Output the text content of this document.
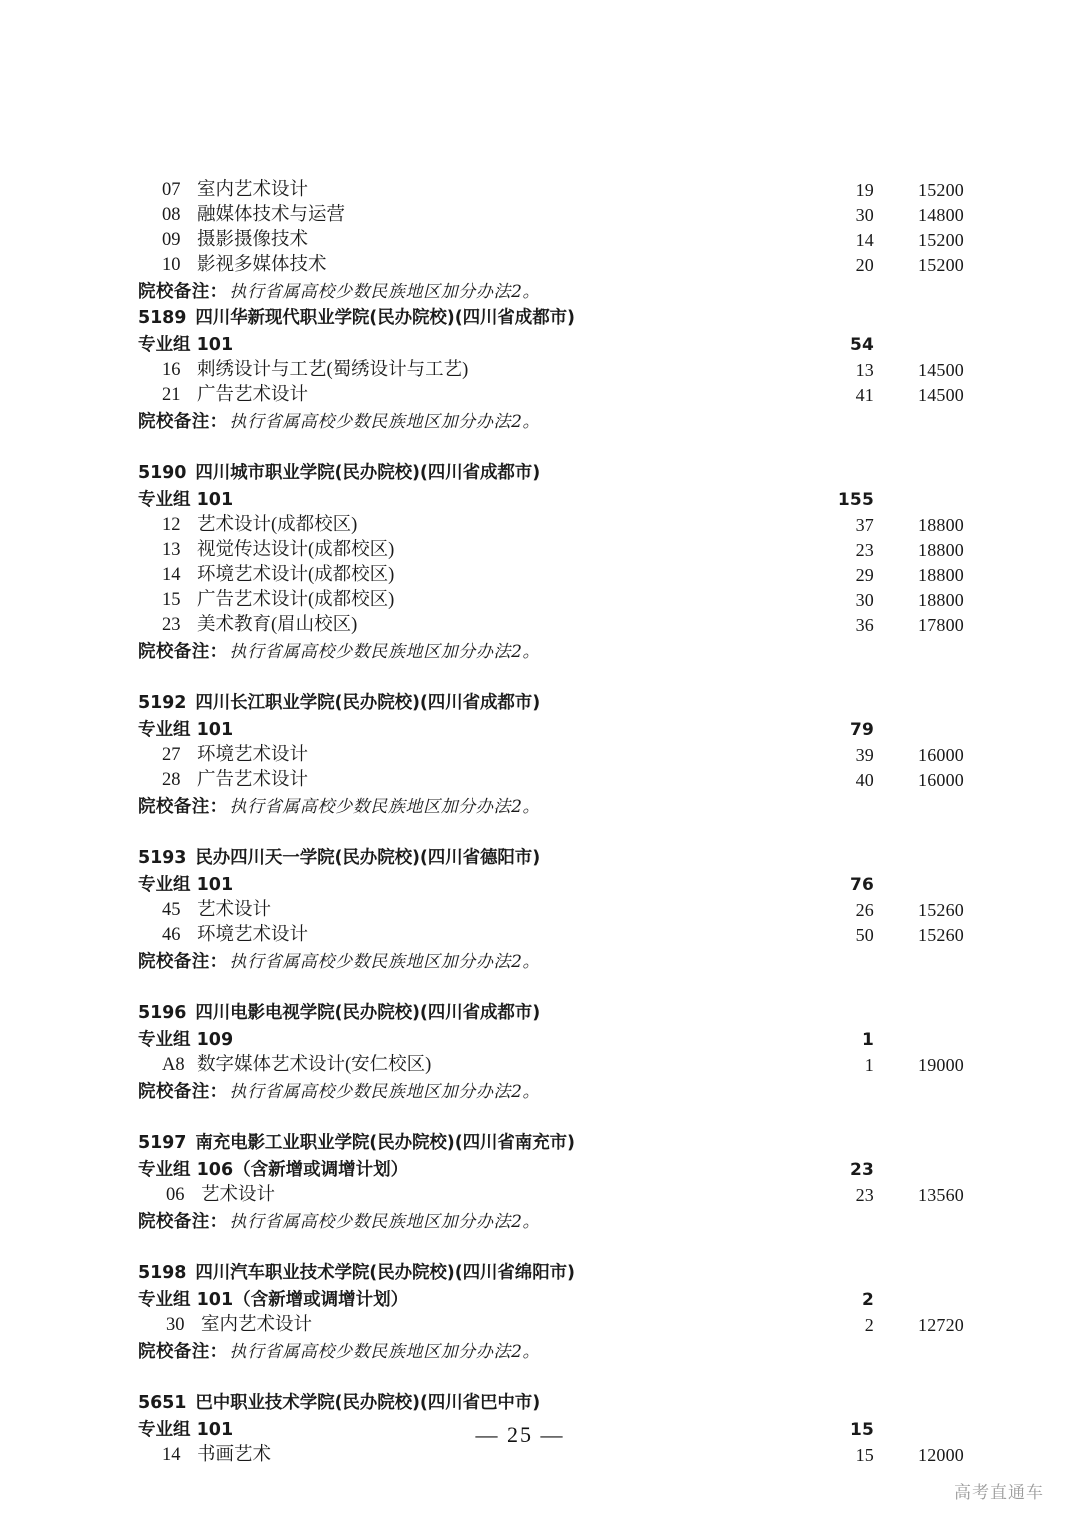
07 室内艺术设计	19	15200
08 融媒体技术与运营	30	14800
09 摄影摄像技术	14	15200
10 影视多媒体技术	20	15200
院校备注： 执行省属高校少数民族地区加分办法2。
5189 四川华新现代职业学院(民办院校)(四川省成都市)
专业组 101	54
16 刺绣设计与工艺(蜀绣设计与工艺)	13	14500
21 广告艺术设计	41	14500
院校备注： 执行省属高校少数民族地区加分办法2。
5190 四川城市职业学院(民办院校)(四川省成都市)
专业组 101	155
12 艺术设计(成都校区)	37	18800
13 视觉传达设计(成都校区)	23	18800
14 环境艺术设计(成都校区)	29	18800
15 广告艺术设计(成都校区)	30	18800
23 美术教育(眉山校区)	36	17800
院校备注： 执行省属高校少数民族地区加分办法2。
5192 四川长江职业学院(民办院校)(四川省成都市)
专业组 101	79
27 环境艺术设计	39	16000
28 广告艺术设计	40	16000
院校备注： 执行省属高校少数民族地区加分办法2。
5193 民办四川天一学院(民办院校)(四川省德阳市)
专业组 101	76
45 艺术设计	26	15260
46 环境艺术设计	50	15260
院校备注： 执行省属高校少数民族地区加分办法2。
5196 四川电影电视学院(民办院校)(四川省成都市)
专业组 109	1
A8 数字媒体艺术设计(安仁校区)	1	19000
院校备注： 执行省属高校少数民族地区加分办法2。
5197 南充电影工业职业学院(民办院校)(四川省南充市)
专业组 106（含新增或调增计划）	23
06 艺术设计	23	13560
院校备注： 执行省属高校少数民族地区加分办法2。
5198 四川汽车职业技术学院(民办院校)(四川省绵阳市)
专业组 101（含新增或调增计划）	2
30 室内艺术设计	2	12720
院校备注： 执行省属高校少数民族地区加分办法2。
5651 巴中职业技术学院(民办院校)(四川省巴中市)
专业组 101	15
14 书画艺术	15	12000
— 25 —
高考直通车
